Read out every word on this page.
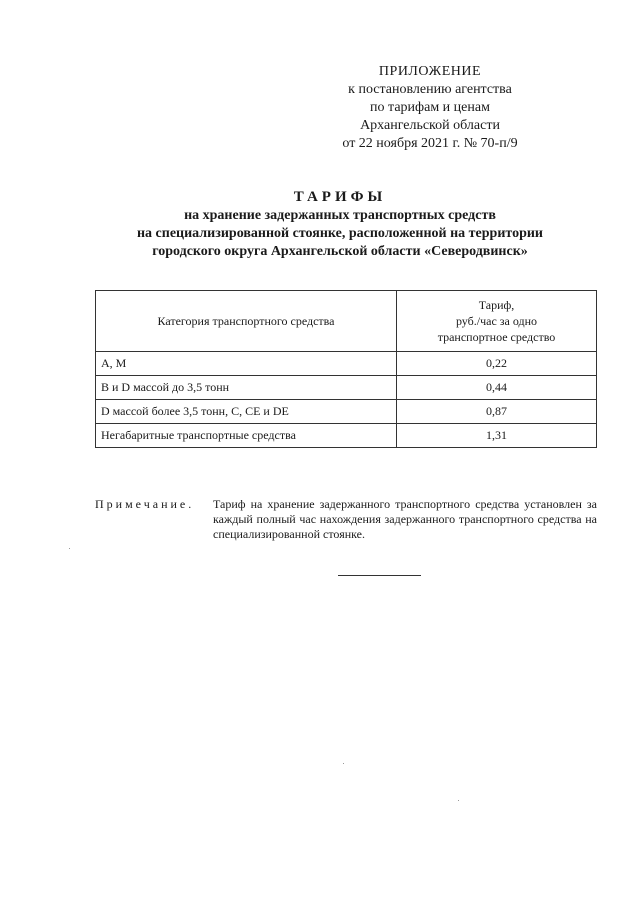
ПРИЛОЖЕНИЕ
к постановлению агентства
по тарифам и ценам
Архангельской области
от 22 ноября 2021 г. № 70-п/9
ТАРИФЫ
на хранение задержанных транспортных средств
на специализированной стоянке, расположенной на территории
городского округа Архангельской области «Северодвинск»
Категория транспортного средства	Тариф,
руб./час за одно
транспортное средство

A, M	0,22
B и D массой до 3,5 тонн	0,44
D массой более 3,5 тонн, C, CE и DE	0,87
Негабаритные транспортные средства	1,31
Примечание. Тариф на хранение задержанного транспортного средства установлен за каждый полный час нахождения задержанного транспортного средства на специализированной стоянке.
